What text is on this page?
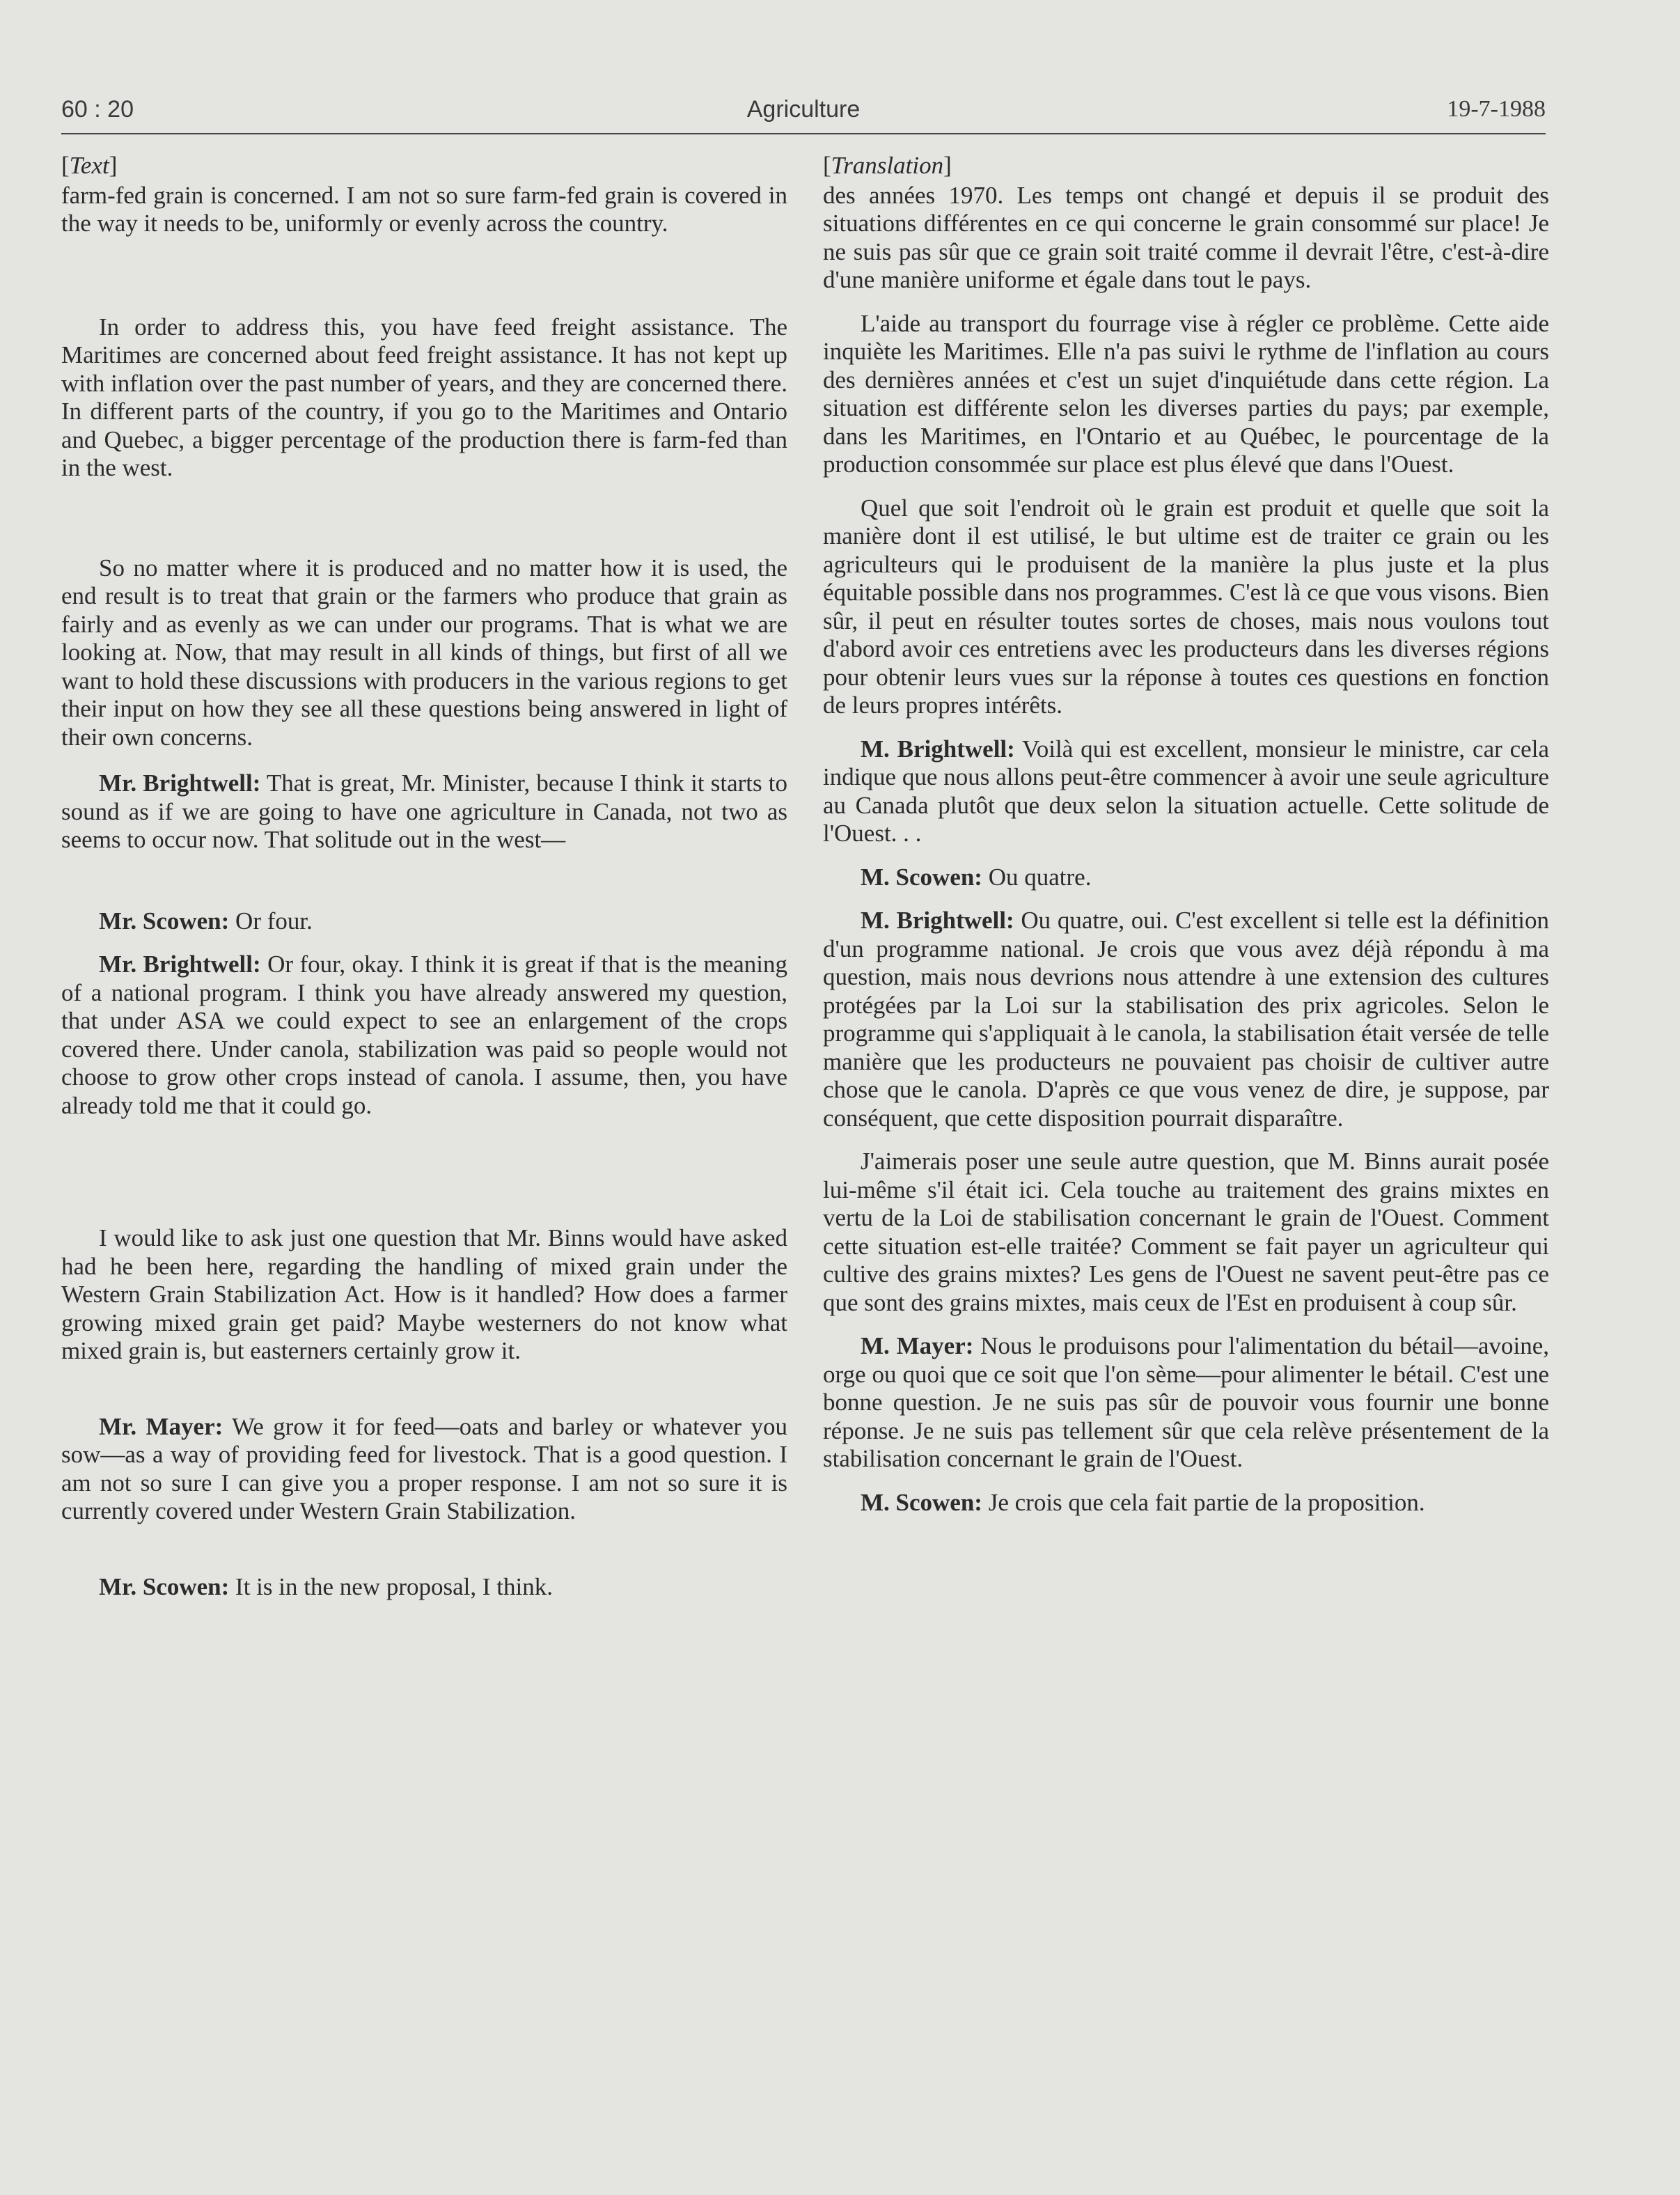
60 : 20	Agriculture	19-7-1988
[Text]

farm-fed grain is concerned. I am not so sure farm-fed grain is covered in the way it needs to be, uniformly or evenly across the country.

In order to address this, you have feed freight assistance. The Maritimes are concerned about feed freight assistance. It has not kept up with inflation over the past number of years, and they are concerned there. In different parts of the country, if you go to the Maritimes and Ontario and Quebec, a bigger percentage of the production there is farm-fed than in the west.

So no matter where it is produced and no matter how it is used, the end result is to treat that grain or the farmers who produce that grain as fairly and as evenly as we can under our programs. That is what we are looking at. Now, that may result in all kinds of things, but first of all we want to hold these discussions with producers in the various regions to get their input on how they see all these questions being answered in light of their own concerns.

Mr. Brightwell: That is great, Mr. Minister, because I think it starts to sound as if we are going to have one agriculture in Canada, not two as seems to occur now. That solitude out in the west—

Mr. Scowen: Or four.

Mr. Brightwell: Or four, okay. I think it is great if that is the meaning of a national program. I think you have already answered my question, that under ASA we could expect to see an enlargement of the crops covered there. Under canola, stabilization was paid so people would not choose to grow other crops instead of canola. I assume, then, you have already told me that it could go.

I would like to ask just one question that Mr. Binns would have asked had he been here, regarding the handling of mixed grain under the Western Grain Stabilization Act. How is it handled? How does a farmer growing mixed grain get paid? Maybe westerners do not know what mixed grain is, but easterners certainly grow it.

Mr. Mayer: We grow it for feed—oats and barley or whatever you sow—as a way of providing feed for livestock. That is a good question. I am not so sure I can give you a proper response. I am not so sure it is currently covered under Western Grain Stabilization.

Mr. Scowen: It is in the new proposal, I think.

[Translation]

des années 1970. Les temps ont changé et depuis il se produit des situations différentes en ce qui concerne le grain consommé sur place! Je ne suis pas sûr que ce grain soit traité comme il devrait l'être, c'est-à-dire d'une manière uniforme et égale dans tout le pays.

L'aide au transport du fourrage vise à régler ce problème. Cette aide inquiète les Maritimes. Elle n'a pas suivi le rythme de l'inflation au cours des dernières années et c'est un sujet d'inquiétude dans cette région. La situation est différente selon les diverses parties du pays; par exemple, dans les Maritimes, en l'Ontario et au Québec, le pourcentage de la production consommée sur place est plus élevé que dans l'Ouest.

Quel que soit l'endroit où le grain est produit et quelle que soit la manière dont il est utilisé, le but ultime est de traiter ce grain ou les agriculteurs qui le produisent de la manière la plus juste et la plus équitable possible dans nos programmes. C'est là ce que vous visons. Bien sûr, il peut en résulter toutes sortes de choses, mais nous voulons tout d'abord avoir ces entretiens avec les producteurs dans les diverses régions pour obtenir leurs vues sur la réponse à toutes ces questions en fonction de leurs propres intérêts.

M. Brightwell: Voilà qui est excellent, monsieur le ministre, car cela indique que nous allons peut-être commencer à avoir une seule agriculture au Canada plutôt que deux selon la situation actuelle. Cette solitude de l'Ouest. . .

M. Scowen: Ou quatre.

M. Brightwell: Ou quatre, oui. C'est excellent si telle est la définition d'un programme national. Je crois que vous avez déjà répondu à ma question, mais nous devrions nous attendre à une extension des cultures protégées par la Loi sur la stabilisation des prix agricoles. Selon le programme qui s'appliquait à le canola, la stabilisation était versée de telle manière que les producteurs ne pouvaient pas choisir de cultiver autre chose que le canola. D'après ce que vous venez de dire, je suppose, par conséquent, que cette disposition pourrait disparaître.

J'aimerais poser une seule autre question, que M. Binns aurait posée lui-même s'il était ici. Cela touche au traitement des grains mixtes en vertu de la Loi de stabilisation concernant le grain de l'Ouest. Comment cette situation est-elle traitée? Comment se fait payer un agriculteur qui cultive des grains mixtes? Les gens de l'Ouest ne savent peut-être pas ce que sont des grains mixtes, mais ceux de l'Est en produisent à coup sûr.

M. Mayer: Nous le produisons pour l'alimentation du bétail—avoine, orge ou quoi que ce soit que l'on sème—pour alimenter le bétail. C'est une bonne question. Je ne suis pas sûr de pouvoir vous fournir une bonne réponse. Je ne suis pas tellement sûr que cela relève présentement de la stabilisation concernant le grain de l'Ouest.

M. Scowen: Je crois que cela fait partie de la proposition.
